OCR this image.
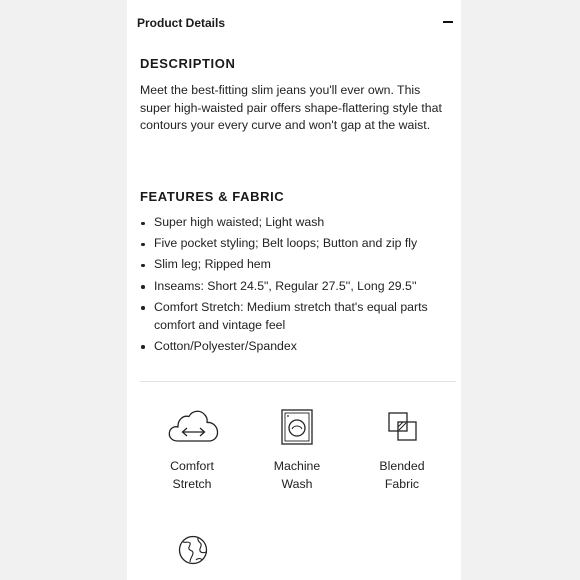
Product Details
DESCRIPTION
Meet the best-fitting slim jeans you'll ever own. This super high-waisted pair offers shape-flattering style that contours your every curve and won't gap at the waist.
FEATURES & FABRIC
Super high waisted; Light wash
Five pocket styling; Belt loops; Button and zip fly
Slim leg; Ripped hem
Inseams: Short 24.5", Regular 27.5'', Long 29.5''
Comfort Stretch: Medium stretch that's equal parts comfort and vintage feel
Cotton/Polyester/Spandex
Comfort
Stretch
Machine
Wash
Blended
Fabric
